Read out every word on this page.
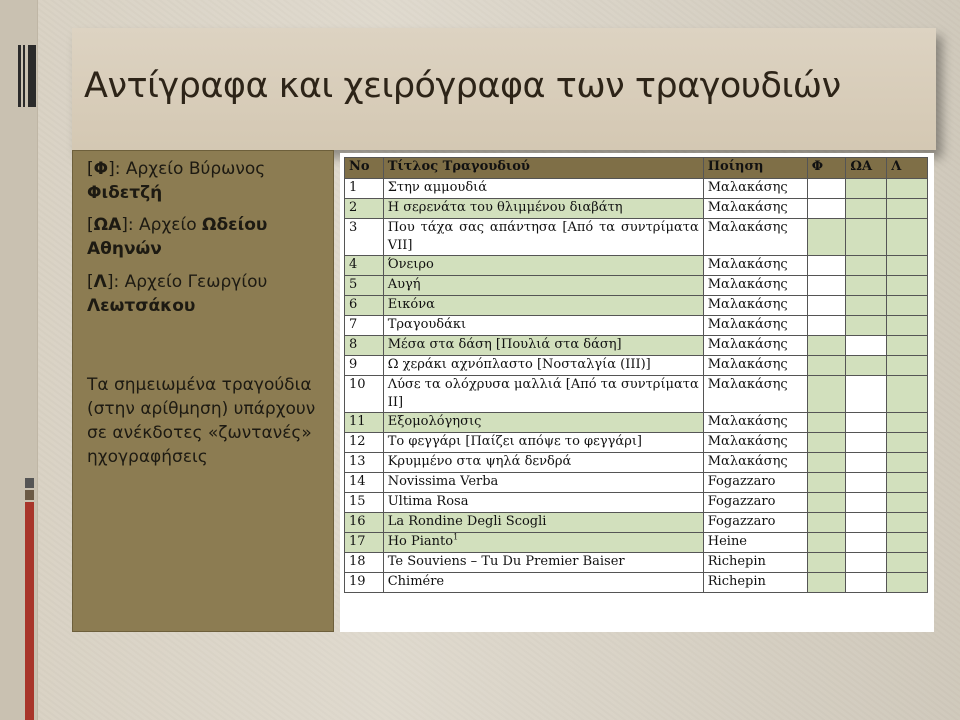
Αντίγραφα και χειρόγραφα των τραγουδιών

[Φ]: Αρχείο Βύρωνος
Φιδετζή

[ΩΑ]: Αρχείο Ωδείου Αθηνών

[Λ]: Αρχείο Γεωργίου
Λεωτσάκου

Τα σημειωμένα τραγούδια (στην αρίθμηση) υπάρχουν σε ανέκδοτες «ζωντανές» ηχογραφήσεις

No	Τίτλος Τραγουδιού	Ποίηση	Φ	ΩΑ	Λ
1	Στην αμμουδιά	Μαλακάσης			
2	Η σερενάτα του θλιμμένου διαβάτη	Μαλακάσης			
3	Που τάχα σας απάντησα [Από τα συντρίματα VII]	Μαλακάσης			
4	Όνειρο	Μαλακάσης			
5	Αυγή	Μαλακάσης			
6	Εικόνα	Μαλακάσης			
7	Τραγουδάκι	Μαλακάσης			
8	Μέσα στα δάση [Πουλιά στα δάση]	Μαλακάσης			
9	Ω χεράκι αχνόπλαστο [Νοσταλγία (ΙΙΙ)]	Μαλακάσης			
10	Λύσε τα ολόχρυσα μαλλιά [Από τα συντρίματα ΙΙ]	Μαλακάσης			
11	Εξομολόγησις	Μαλακάσης			
12	Το φεγγάρι [Παίζει απόψε το φεγγάρι]	Μαλακάσης			
13	Κρυμμένο στα ψηλά δενδρά	Μαλακάσης			
14	Novissima Verba	Fogazzaro			
15	Ultima Rosa	Fogazzaro			
16	La Rondine Degli Scogli	Fogazzaro			
17	Ho Pianto$^1$	Heine			
18	Te Souviens – Tu Du Premier Baiser	Richepin			
19	Chimére	Richepin			
